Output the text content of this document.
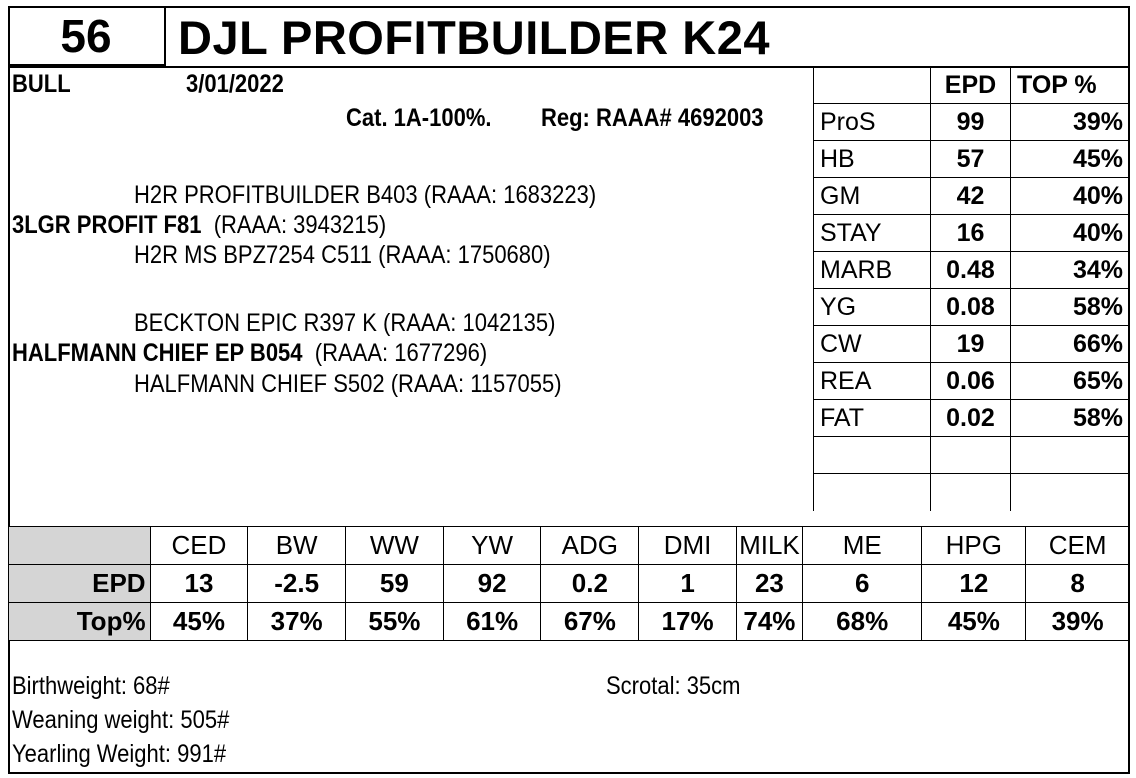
56	DJL PROFITBUILDER K24
BULL	3/01/2022
Cat. 1A-100%. Reg: RAAA# 4692003
H2R PROFITBUILDER B403 (RAAA: 1683223)
3LGR PROFIT F81 (RAAA: 3943215)
H2R MS BPZ7254 C511 (RAAA: 1750680)
BECKTON EPIC R397 K (RAAA: 1042135)
HALFMANN CHIEF EP B054 (RAAA: 1677296)
HALFMANN CHIEF S502 (RAAA: 1157055)
	EPD	TOP %
ProS	99	39%
HB	57	45%
GM	42	40%
STAY	16	40%
MARB	0.48	34%
YG	0.08	58%
CW	19	66%
REA	0.06	65%
FAT	0.02	58%

	CED	BW	WW	YW	ADG	DMI	MILK	ME	HPG	CEM
EPD	13	-2.5	59	92	0.2	1	23	6	12	8
Top%	45%	37%	55%	61%	67%	17%	74%	68%	45%	39%
Birthweight: 68#
Weaning weight: 505#
Yearling Weight: 991#
Scrotal: 35cm
